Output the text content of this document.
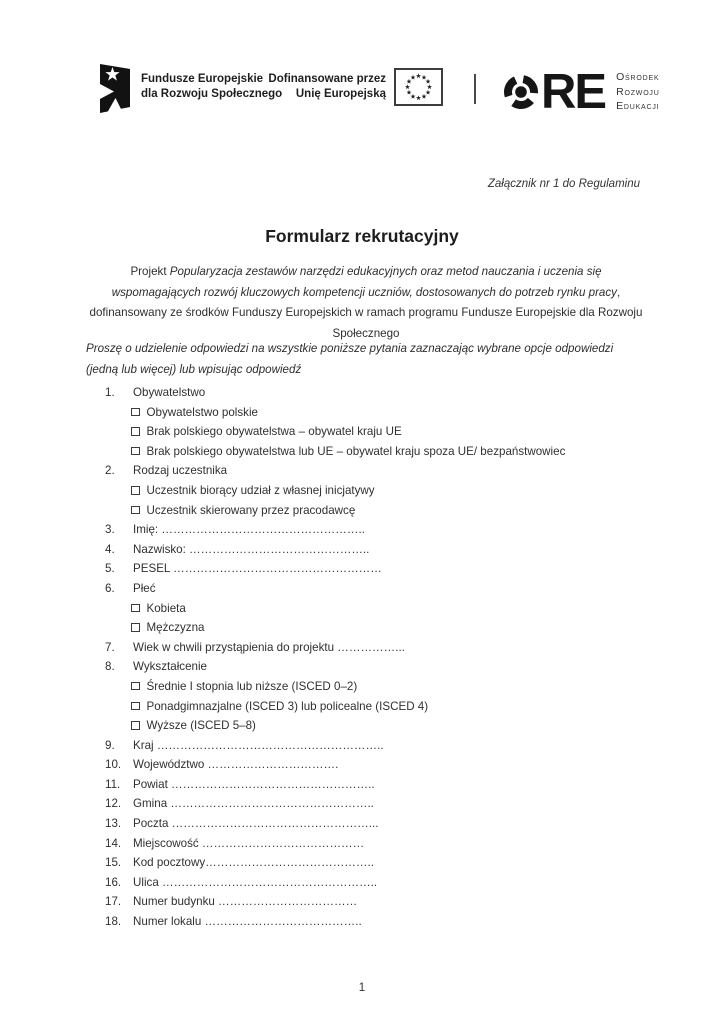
Fundusze Europejskie
dla Rozwoju Społecznego
Dofinansowane przez
Unię Europejską	RE Ośrodek
Rozwoju
Edukacji
Załącznik nr 1 do Regulaminu
Formularz rekrutacyjny

Projekt Popularyzacja zestawów narzędzi edukacyjnych oraz metod nauczania i uczenia się wspomagających rozwój kluczowych kompetencji uczniów, dostosowanych do potrzeb rynku pracy, dofinansowany ze środków Funduszy Europejskich w ramach programu Fundusze Europejskie dla Rozwoju Społecznego

Proszę o udzielenie odpowiedzi na wszystkie poniższe pytania zaznaczając wybrane opcje odpowiedzi (jedną lub więcej) lub wpisując odpowiedź

1.	Obywatelstwo
Obywatelstwo polskie
Brak polskiego obywatelstwa – obywatel kraju UE
Brak polskiego obywatelstwa lub UE – obywatel kraju spoza UE/ bezpaństwowiec
2.	Rodzaj uczestnika
Uczestnik biorący udział z własnej inicjatywy
Uczestnik skierowany przez pracodawcę
3.	Imię: ……………………………………………..
4.	Nazwisko: ………………………………………..
5.	PESEL ………………………………………………
6.	Płeć
Kobieta
Mężczyzna
7.	Wiek w chwili przystąpienia do projektu ……………...
8.	Wykształcenie
Średnie I stopnia lub niższe (ISCED 0–2)
Ponadgimnazjalne (ISCED 3) lub policealne (ISCED 4)
Wyższe (ISCED 5–8)
9.	Kraj …………………………………………………..
10.	Województwo …………………………….
11.	Powiat ……………………………………………..
12.	Gmina ……………………………………………..
13.	Poczta ……………………………………………...
14.	Miejscowość ……………………………………
15.	Kod pocztowy……………………………………..
16.	Ulica ………………………………………………..
17.	Numer budynku ………………………………
18.	Numer lokalu …………………………………..
1
